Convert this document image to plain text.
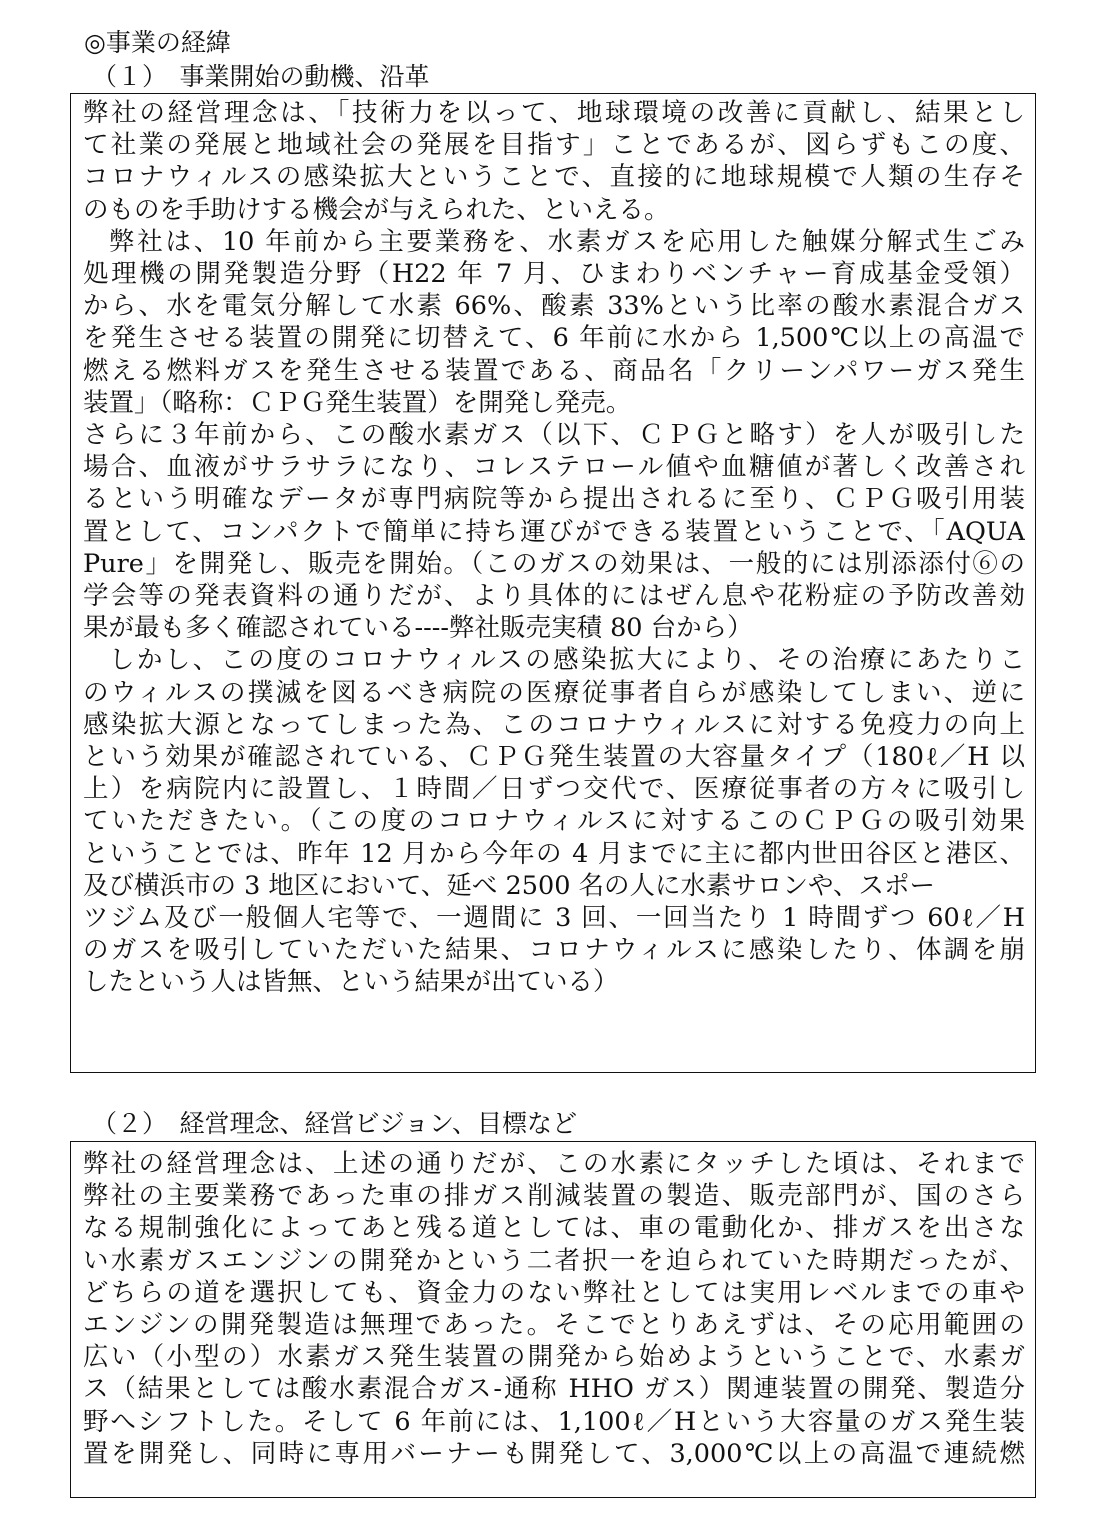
◎事業の経緯
（１）　事業開始の動機、沿革
弊社の経営理念は、「技術力を以って、地球環境の改善に貢献し、結果とし
て社業の発展と地域社会の発展を目指す」ことであるが、図らずもこの度、
コロナウィルスの感染拡大ということで、直接的に地球規模で人類の生存そ
のものを手助けする機会が与えられた、といえる。
弊社は、10 年前から主要業務を、水素ガスを応用した触媒分解式生ごみ
処理機の開発製造分野（H22 年 7 月、ひまわりベンチャー育成基金受領）
から、水を電気分解して水素 66%、酸素 33%という比率の酸水素混合ガス
を発生させる装置の開発に切替えて、6 年前に水から 1,500℃以上の高温で
燃える燃料ガスを発生させる装置である、商品名「クリーンパワーガス発生
装置」（略称：ＣＰＧ発生装置）を開発し発売。
さらに３年前から、この酸水素ガス（以下、ＣＰＧと略す）を人が吸引した
場合、血液がサラサラになり、コレステロール値や血糖値が著しく改善され
るという明確なデータが専門病院等から提出されるに至り、ＣＰＧ吸引用装
置として、コンパクトで簡単に持ち運びができる装置ということで、「AQUA
Pure」を開発し、販売を開始。（このガスの効果は、一般的には別添添付⑥の
学会等の発表資料の通りだが、より具体的にはぜん息や花粉症の予防改善効
果が最も多く確認されている----弊社販売実積 80 台から）
しかし、この度のコロナウィルスの感染拡大により、その治療にあたりこ
のウィルスの撲滅を図るべき病院の医療従事者自らが感染してしまい、逆に
感染拡大源となってしまった為、このコロナウィルスに対する免疫力の向上
という効果が確認されている、ＣＰＧ発生装置の大容量タイプ（180ℓ／H 以
上）を病院内に設置し、１時間／日ずつ交代で、医療従事者の方々に吸引し
ていただきたい。（この度のコロナウィルスに対するこのＣＰＧの吸引効果
ということでは、昨年 12 月から今年の 4 月までに主に都内世田谷区と港区、
及び横浜市の 3 地区において、延べ 2500 名の人に水素サロンや、スポー
ツジム及び一般個人宅等で、一週間に 3 回、一回当たり 1 時間ずつ 60ℓ／H
のガスを吸引していただいた結果、コロナウィルスに感染したり、体調を崩
したという人は皆無、という結果が出ている）
（２）　経営理念、経営ビジョン、目標など
弊社の経営理念は、上述の通りだが、この水素にタッチした頃は、それまで
弊社の主要業務であった車の排ガス削減装置の製造、販売部門が、国のさら
なる規制強化によってあと残る道としては、車の電動化か、排ガスを出さな
い水素ガスエンジンの開発かという二者択一を迫られていた時期だったが、
どちらの道を選択しても、資金力のない弊社としては実用レベルまでの車や
エンジンの開発製造は無理であった。そこでとりあえずは、その応用範囲の
広い（小型の）水素ガス発生装置の開発から始めようということで、水素ガ
ス（結果としては酸水素混合ガス-通称 HHO ガス）関連装置の開発、製造分
野へシフトした。そして 6 年前には、1,100ℓ／Hという大容量のガス発生装
置を開発し、同時に専用バーナーも開発して、3,000℃以上の高温で連続燃
